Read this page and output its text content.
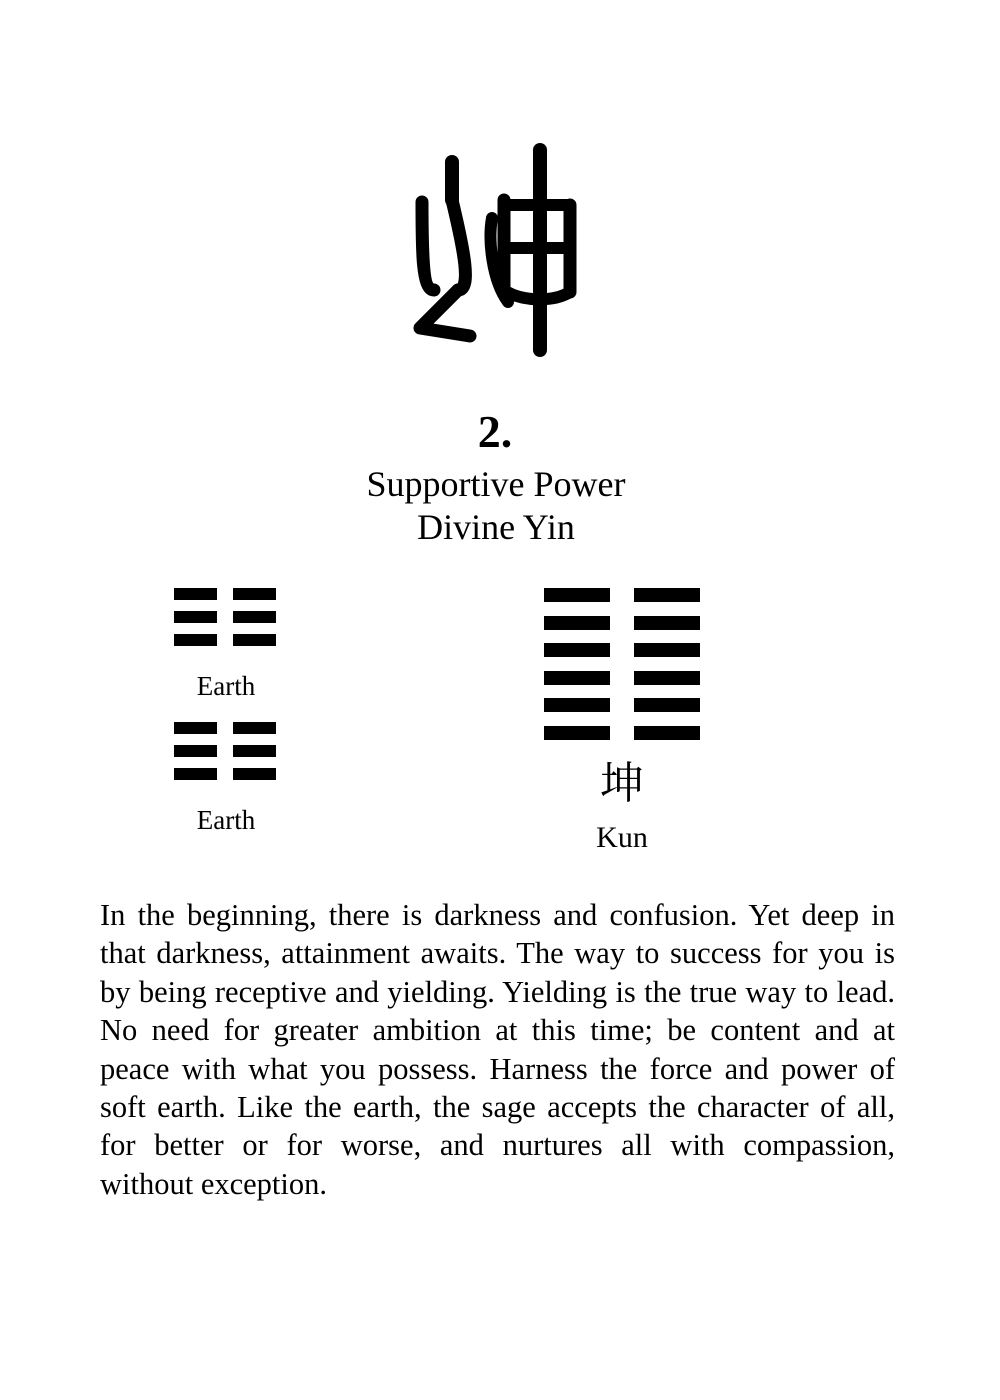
2.
Supportive Power
Divine Yin
Earth
Earth
坤
Kun

In the beginning, there is darkness and confusion. Yet deep in that darkness, attainment awaits. The way to success for you is by being receptive and yielding. Yielding is the true way to lead. No need for greater ambition at this time; be content and at peace with what you possess. Harness the force and power of soft earth. Like the earth, the sage accepts the character of all, for better or for worse, and nurtures all with compassion, without exception.
